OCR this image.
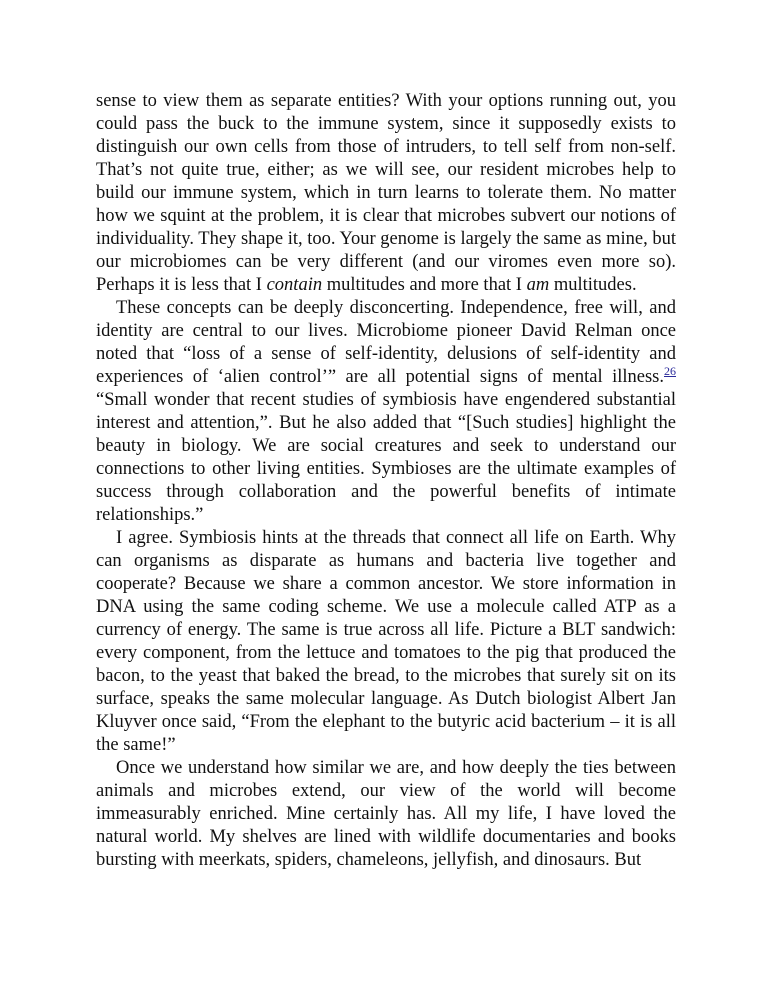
sense to view them as separate entities? With your options running out, you could pass the buck to the immune system, since it supposedly exists to distinguish our own cells from those of intruders, to tell self from non-self. That’s not quite true, either; as we will see, our resident microbes help to build our immune system, which in turn learns to tolerate them. No matter how we squint at the problem, it is clear that microbes subvert our notions of individuality. They shape it, too. Your genome is largely the same as mine, but our microbiomes can be very different (and our viromes even more so). Perhaps it is less that I contain multitudes and more that I am multitudes.

These concepts can be deeply disconcerting. Independence, free will, and identity are central to our lives. Microbiome pioneer David Relman once noted that “loss of a sense of self-identity, delusions of self-identity and experiences of ‘alien control’” are all potential signs of mental illness.$^{26}$ “Small wonder that recent studies of symbiosis have engendered substantial interest and attention,”. But he also added that “[Such studies] highlight the beauty in biology. We are social creatures and seek to understand our connections to other living entities. Symbioses are the ultimate examples of success through collaboration and the powerful benefits of intimate relationships.”

I agree. Symbiosis hints at the threads that connect all life on Earth. Why can organisms as disparate as humans and bacteria live together and cooperate? Because we share a common ancestor. We store information in DNA using the same coding scheme. We use a molecule called ATP as a currency of energy. The same is true across all life. Picture a BLT sandwich: every component, from the lettuce and tomatoes to the pig that produced the bacon, to the yeast that baked the bread, to the microbes that surely sit on its surface, speaks the same molecular language. As Dutch biologist Albert Jan Kluyver once said, “From the elephant to the butyric acid bacterium – it is all the same!”

Once we understand how similar we are, and how deeply the ties between animals and microbes extend, our view of the world will become immeasurably enriched. Mine certainly has. All my life, I have loved the natural world. My shelves are lined with wildlife documentaries and books bursting with meerkats, spiders, chameleons, jellyfish, and dinosaurs. But
